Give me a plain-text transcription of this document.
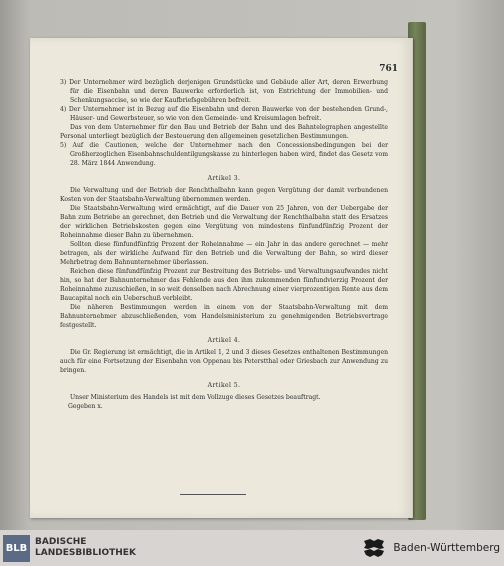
761

3) Der Unternehmer wird bezüglich derjenigen Grundstücke und Gebäude aller Art, deren Erwerbung für die Eisenbahn und deren Bauwerke erforderlich ist, von Entrichtung der Immobilien- und Schenkungsaccise, so wie der Kaufbriefsgebühren befreit.

4) Der Unternehmer ist in Bezug auf die Eisenbahn und deren Bauwerke von der bestehenden Grund-, Häuser- und Gewerbsteuer, so wie von den Gemeinde- und Kreisumlagen befreit.

Das von dem Unternehmer für den Bau und Betrieb der Bahn und des Bahntelegraphen angestellte Personal unterliegt bezüglich der Besteuerung den allgemeinen gesetzlichen Bestimmungen.

5) Auf die Cautionen, welche der Unternehmer nach den Concessionsbedingungen bei der Großherzoglichen Eisenbahnschuldentilgungskasse zu hinterlegen haben wird, findet das Gesetz vom 28. März 1844 Anwendung.

Artikel 3.

Die Verwaltung und der Betrieb der Renchthalbahn kann gegen Vergütung der damit verbundenen Kosten von der Staatsbahn-Verwaltung übernommen werden.

Die Staatsbahn-Verwaltung wird ermächtigt, auf die Dauer von 25 Jahren, von der Uebergabe der Bahn zum Betriebe an gerechnet, den Betrieb und die Verwaltung der Renchthalbahn statt des Ersatzes der wirklichen Betriebskosten gegen eine Vergütung von mindestens fünfundfünfzig Prozent der Roheinnahme dieser Bahn zu übernehmen.

Sollten diese fünfundfünfzig Prozent der Roheinnahme — ein Jahr in das andere gerechnet — mehr betragen, als der wirkliche Aufwand für den Betrieb und die Verwaltung der Bahn, so wird dieser Mehrbetrag dem Bahnunternehmer überlassen.

Reichen diese fünfundfünfzig Prozent zur Bestreitung des Betriebs- und Verwaltungsaufwandes nicht hin, so hat der Bahnunternehmer das Fehlende aus den ihm zukommenden fünfundvierzig Prozent der Roheinnahme zuzuschießen, in so weit denselben nach Abrechnung einer vierprozentigen Rente aus dem Baucapital noch ein Ueberschuß verbleibt.

Die näheren Bestimmungen werden in einem von der Staatsbahn-Verwaltung mit dem Bahnunternehmer abzuschließenden, vom Handelsministerium zu genehmigenden Betriebsvertrage festgestellt.

Artikel 4.

Die Gr. Regierung ist ermächtigt, die in Artikel 1, 2 und 3 dieses Gesetzes enthaltenen Bestimmungen auch für eine Fortsetzung der Eisenbahn von Oppenau bis Peterstthal oder Griesbach zur Anwendung zu bringen.

Artikel 5.

Unser Ministerium des Handels ist mit dem Vollzuge dieses Gesetzes beauftragt.

Gegeben x.

BLB
BADISCHE
LANDESBIBLIOTHEK	Baden-Württemberg
